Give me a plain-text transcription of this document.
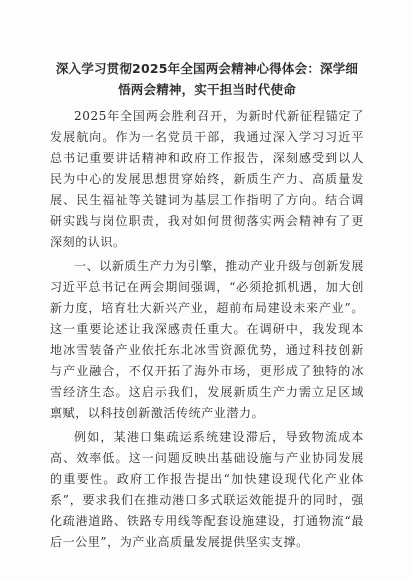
深入学习贯彻2025年全国两会精神心得体会：深学细悟两会精神，实干担当时代使命

2025年全国两会胜利召开，为新时代新征程锚定了发展航向。作为一名党员干部，我通过深入学习习近平总书记重要讲话精神和政府工作报告，深刻感受到以人民为中心的发展思想贯穿始终，新质生产力、高质量发展、民生福祉等关键词为基层工作指明了方向。结合调研实践与岗位职责，我对如何贯彻落实两会精神有了更深刻的认识。

一、以新质生产力为引擎，推动产业升级与创新发展习近平总书记在两会期间强调，“必须抢抓机遇，加大创新力度，培育壮大新兴产业，超前布局建设未来产业”。这一重要论述让我深感责任重大。在调研中，我发现本地冰雪装备产业依托东北冰雪资源优势，通过科技创新与产业融合，不仅开拓了海外市场，更形成了独特的冰雪经济生态。这启示我们，发展新质生产力需立足区域禀赋，以科技创新激活传统产业潜力。

例如，某港口集疏运系统建设滞后，导致物流成本高、效率低。这一问题反映出基础设施与产业协同发展的重要性。政府工作报告提出“加快建设现代化产业体系”，要求我们在推动港口多式联运效能提升的同时，强化疏港道路、铁路专用线等配套设施建设，打通物流“最后一公里”，为产业高质量发展提供坚实支撑。
